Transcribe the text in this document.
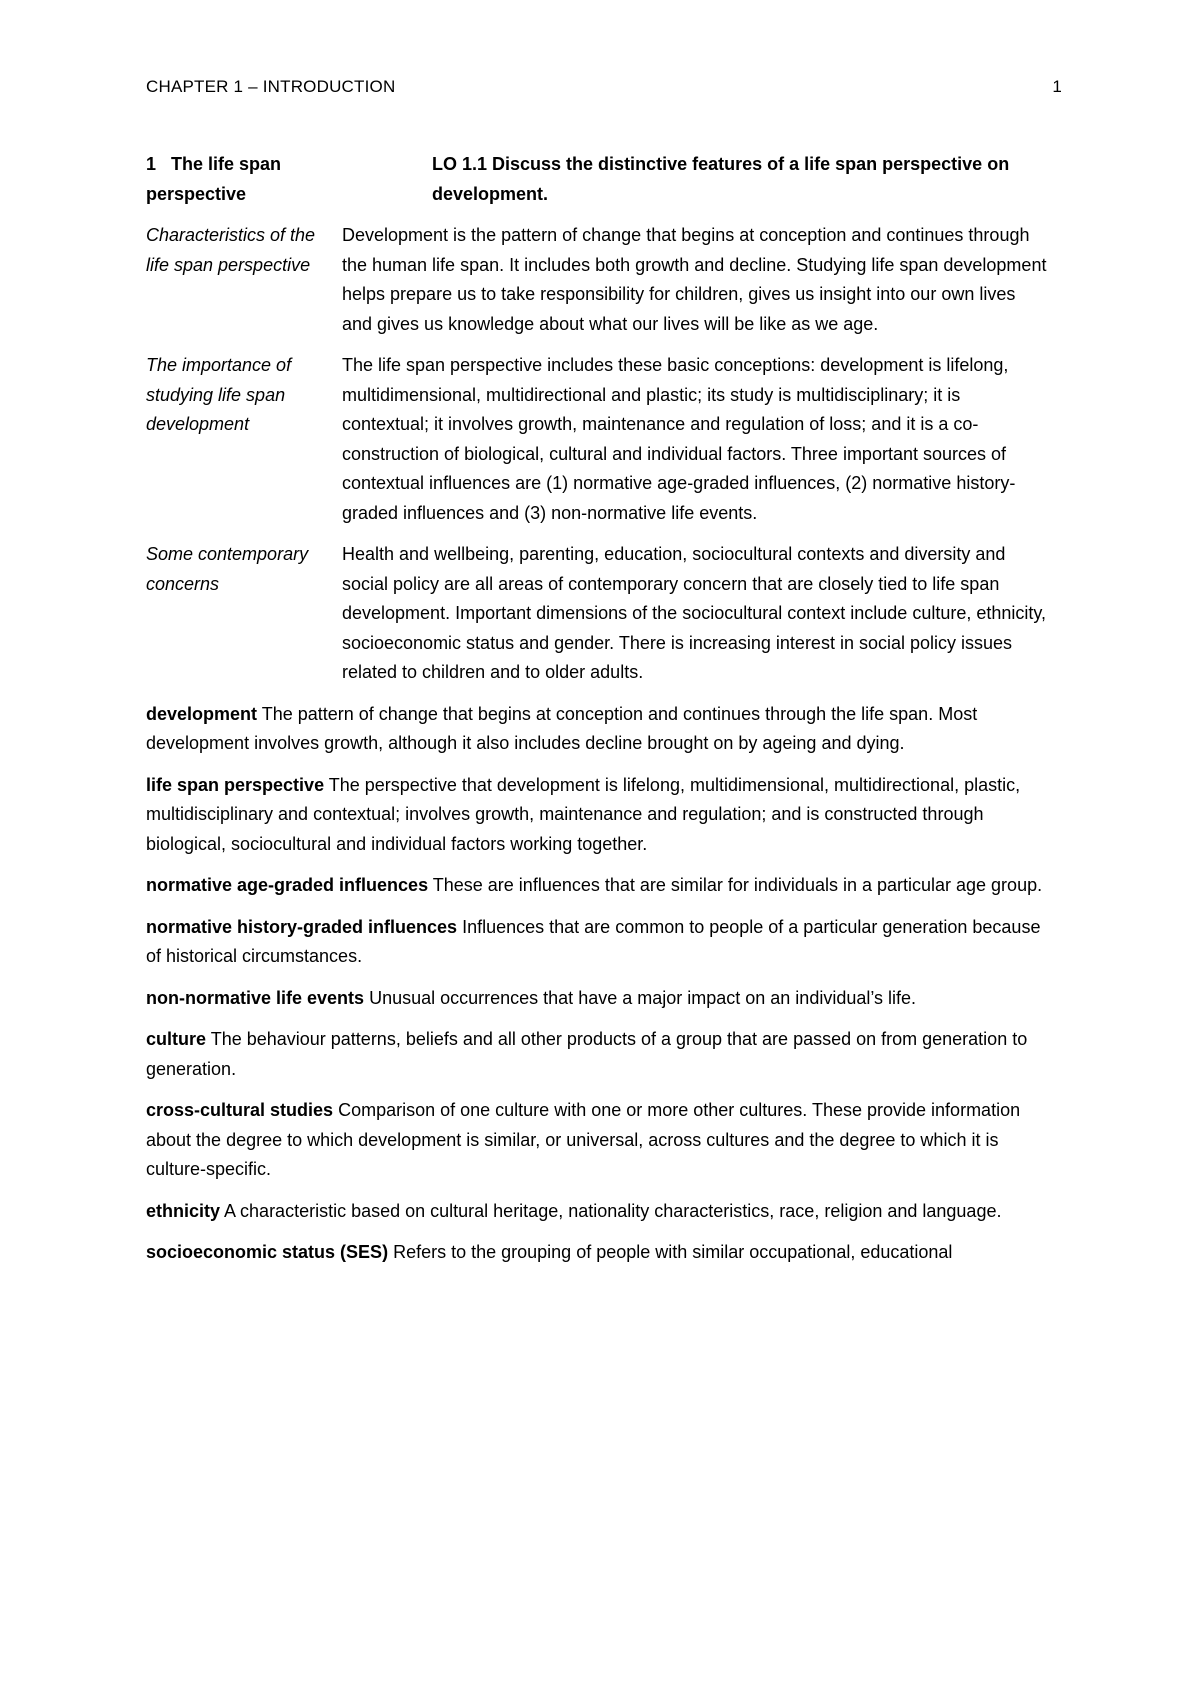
CHAPTER 1 – INTRODUCTION	1
1 The life span perspective
LO 1.1 Discuss the distinctive features of a life span perspective on development.
Characteristics of the life span perspective
Development is the pattern of change that begins at conception and continues through the human life span. It includes both growth and decline. Studying life span development helps prepare us to take responsibility for children, gives us insight into our own lives and gives us knowledge about what our lives will be like as we age.
The importance of studying life span development
The life span perspective includes these basic conceptions: development is lifelong, multidimensional, multidirectional and plastic; its study is multidisciplinary; it is contextual; it involves growth, maintenance and regulation of loss; and it is a co-construction of biological, cultural and individual factors. Three important sources of contextual influences are (1) normative age-graded influences, (2) normative history-graded influences and (3) non-normative life events.
Some contemporary concerns
Health and wellbeing, parenting, education, sociocultural contexts and diversity and social policy are all areas of contemporary concern that are closely tied to life span development. Important dimensions of the sociocultural context include culture, ethnicity, socioeconomic status and gender. There is increasing interest in social policy issues related to children and to older adults.

development The pattern of change that begins at conception and continues through the life span. Most development involves growth, although it also includes decline brought on by ageing and dying.

life span perspective The perspective that development is lifelong, multidimensional, multidirectional, plastic, multidisciplinary and contextual; involves growth, maintenance and regulation; and is constructed through biological, sociocultural and individual factors working together.

normative age-graded influences These are influences that are similar for individuals in a particular age group.

normative history-graded influences Influences that are common to people of a particular generation because of historical circumstances.

non-normative life events Unusual occurrences that have a major impact on an individual’s life.

culture The behaviour patterns, beliefs and all other products of a group that are passed on from generation to generation.

cross-cultural studies Comparison of one culture with one or more other cultures. These provide information about the degree to which development is similar, or universal, across cultures and the degree to which it is culture-specific.

ethnicity A characteristic based on cultural heritage, nationality characteristics, race, religion and language.

socioeconomic status (SES) Refers to the grouping of people with similar occupational, educational
